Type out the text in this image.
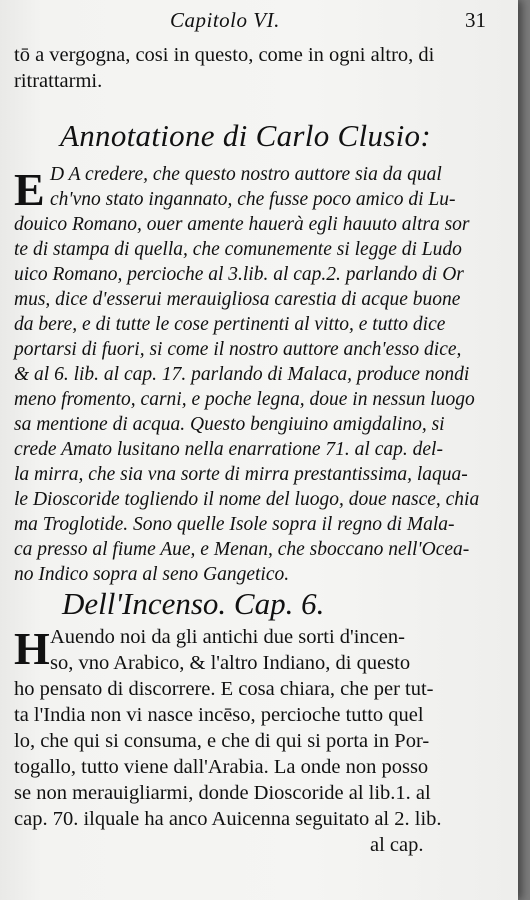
Capitolo VI.	31
tō a vergogna, cosi in questo, come in ogni altro, di
ritrattarmi.
Annotatione di Carlo Clusio:
E D A credere, che questo nostro auttore sia da qual
ch'vno stato ingannato, che fusse poco amico di Lu-
douico Romano, ouer amente hauerà egli hauuto altra sor
te di stampa di quella, che comunemente si legge di Ludo
uico Romano, percioche al 3.lib. al cap.2. parlando di Or
mus, dice d'esserui merauigliosa carestia di acque buone
da bere, e di tutte le cose pertinenti al vitto, e tutto dice
portarsi di fuori, si come il nostro auttore anch'esso dice,
& al 6. lib. al cap. 17. parlando di Malaca, produce nondi
meno fromento, carni, e poche legna, doue in nessun luogo
sa mentione di acqua. Questo bengiuino amigdalino, si
crede Amato lusitano nella enarratione 71. al cap. del-
la mirra, che sia vna sorte di mirra prestantissima, laqua-
le Dioscoride togliendo il nome del luogo, doue nasce, chia
ma Troglotide. Sono quelle Isole sopra il regno di Mala-
ca presso al fiume Aue, e Menan, che sboccano nell'Ocea-
Dell'Incenso. Cap. 6.
H Auendo noi da gli antichi due sorti d'incen-
so, vno Arabico, & l'altro Indiano, di questo
ho pensato di discorrere. E cosa chiara, che per tut-
ta l'India non vi nasce incēso, percioche tutto quel
lo, che qui si consuma, e che di qui si porta in Por-
togallo, tutto viene dall'Arabia. La onde non posso
se non merauigliarmi, donde Dioscoride al lib.1. al
cap. 70. ilquale ha anco Auicenna seguitato al 2. lib.
al cap.
no Indico sopra al seno Gangetico.
